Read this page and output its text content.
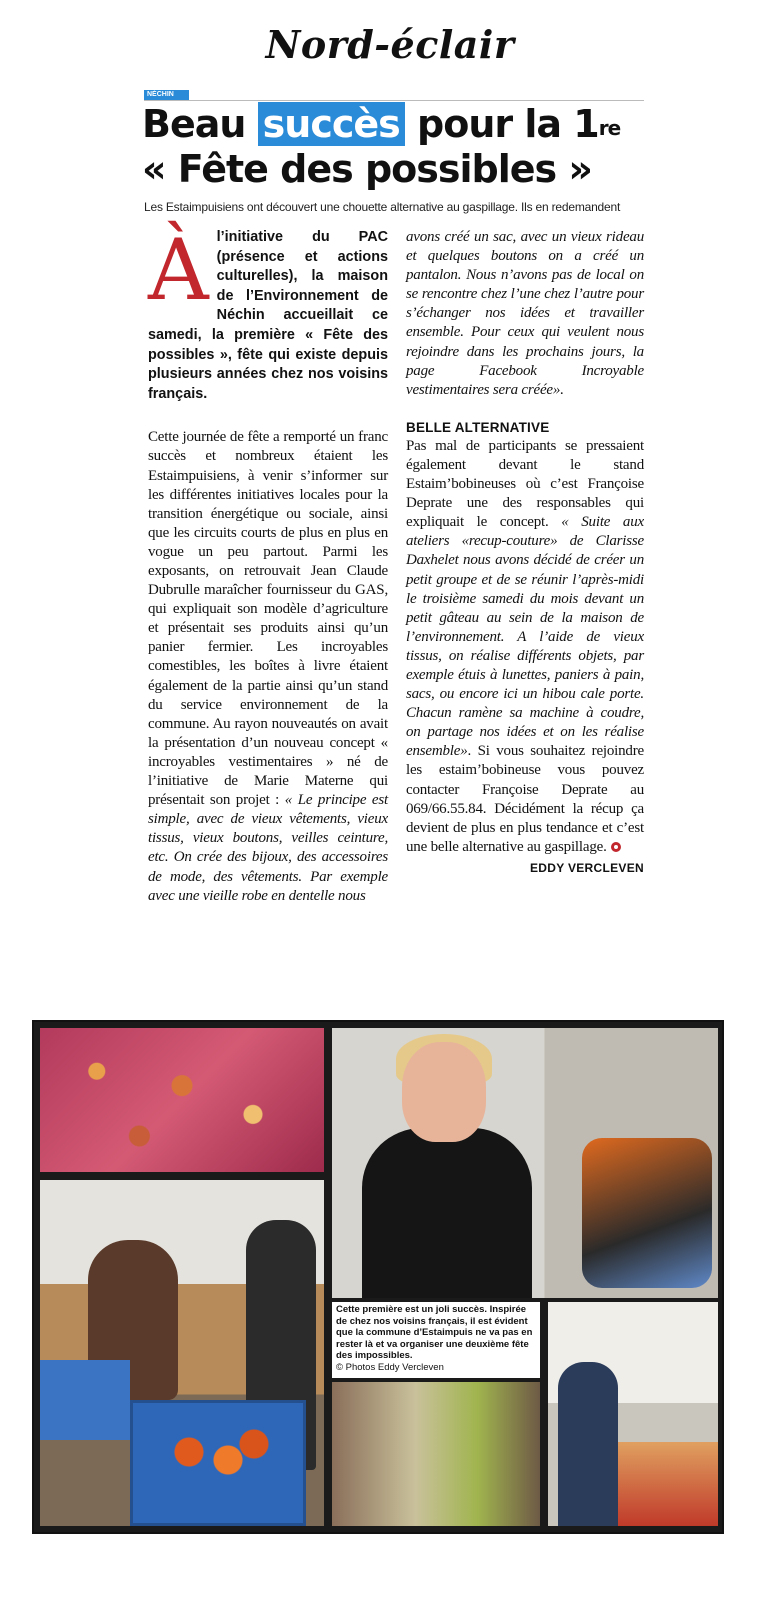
Nord-éclair
NÉCHIN
Beau succès pour la 1re
« Fête des possibles »
Les Estaimpuisiens ont découvert une chouette alternative au gaspillage. Ils en redemandent
À l’initiative du PAC (présence et actions culturelles), la maison de l’Environnement de Néchin accueillait ce samedi, la première « Fête des possibles », fête qui existe depuis plusieurs années chez nos voisins français.

Cette journée de fête a remporté un franc succès et nombreux étaient les Estaimpuisiens, à venir s’informer sur les différentes initiatives locales pour la transition énergétique ou sociale, ainsi que les circuits courts de plus en plus en vogue un peu partout. Parmi les exposants, on retrouvait Jean Claude Dubrulle maraîcher fournisseur du GAS, qui expliquait son modèle d’agriculture et présentait ses produits ainsi qu’un panier fermier. Les incroyables comestibles, les boîtes à livre étaient également de la partie ainsi qu’un stand du service environnement de la commune. Au rayon nouveautés on avait la présentation d’un nouveau concept « incroyables vestimentaires » né de l’initiative de Marie Materne qui présentait son projet : « Le principe est simple, avec de vieux vêtements, vieux tissus, vieux boutons, veilles ceinture, etc. On crée des bijoux, des accessoires de mode, des vêtements. Par exemple avec une vieille robe en dentelle nous

avons créé un sac, avec un vieux rideau et quelques boutons on a créé un pantalon. Nous n’avons pas de local on se rencontre chez l’une chez l’autre pour s’échanger nos idées et travailler ensemble. Pour ceux qui veulent nous rejoindre dans les prochains jours, la page Facebook Incroyable vestimentaires sera créée».

BELLE ALTERNATIVE

Pas mal de participants se pressaient également devant le stand Estaim’bobineuses où c’est Françoise Deprate une des responsables qui expliquait le concept. « Suite aux ateliers «recup-couture» de Clarisse Daxhelet nous avons décidé de créer un petit groupe et de se réunir l’après-midi le troisième samedi du mois devant un petit gâteau au sein de la maison de l’environnement. A l’aide de vieux tissus, on réalise différents objets, par exemple étuis à lunettes, paniers à pain, sacs, ou encore ici un hibou cale porte. Chacun ramène sa machine à coudre, on partage nos idées et on les réalise ensemble». Si vous souhaitez rejoindre les estaim’bobineuse vous pouvez contacter Françoise Deprate au 069/66.55.84. Décidément la récup ça devient de plus en plus tendance et c’est une belle alternative au gaspillage.

EDDY VERCLEVEN
Cette première est un joli succès. Inspirée de chez nos voisins français, il est évident que la commune d’Estaimpuis ne va pas en rester là et va organiser une deuxième fête des impossibles.
© Photos Eddy Vercleven
